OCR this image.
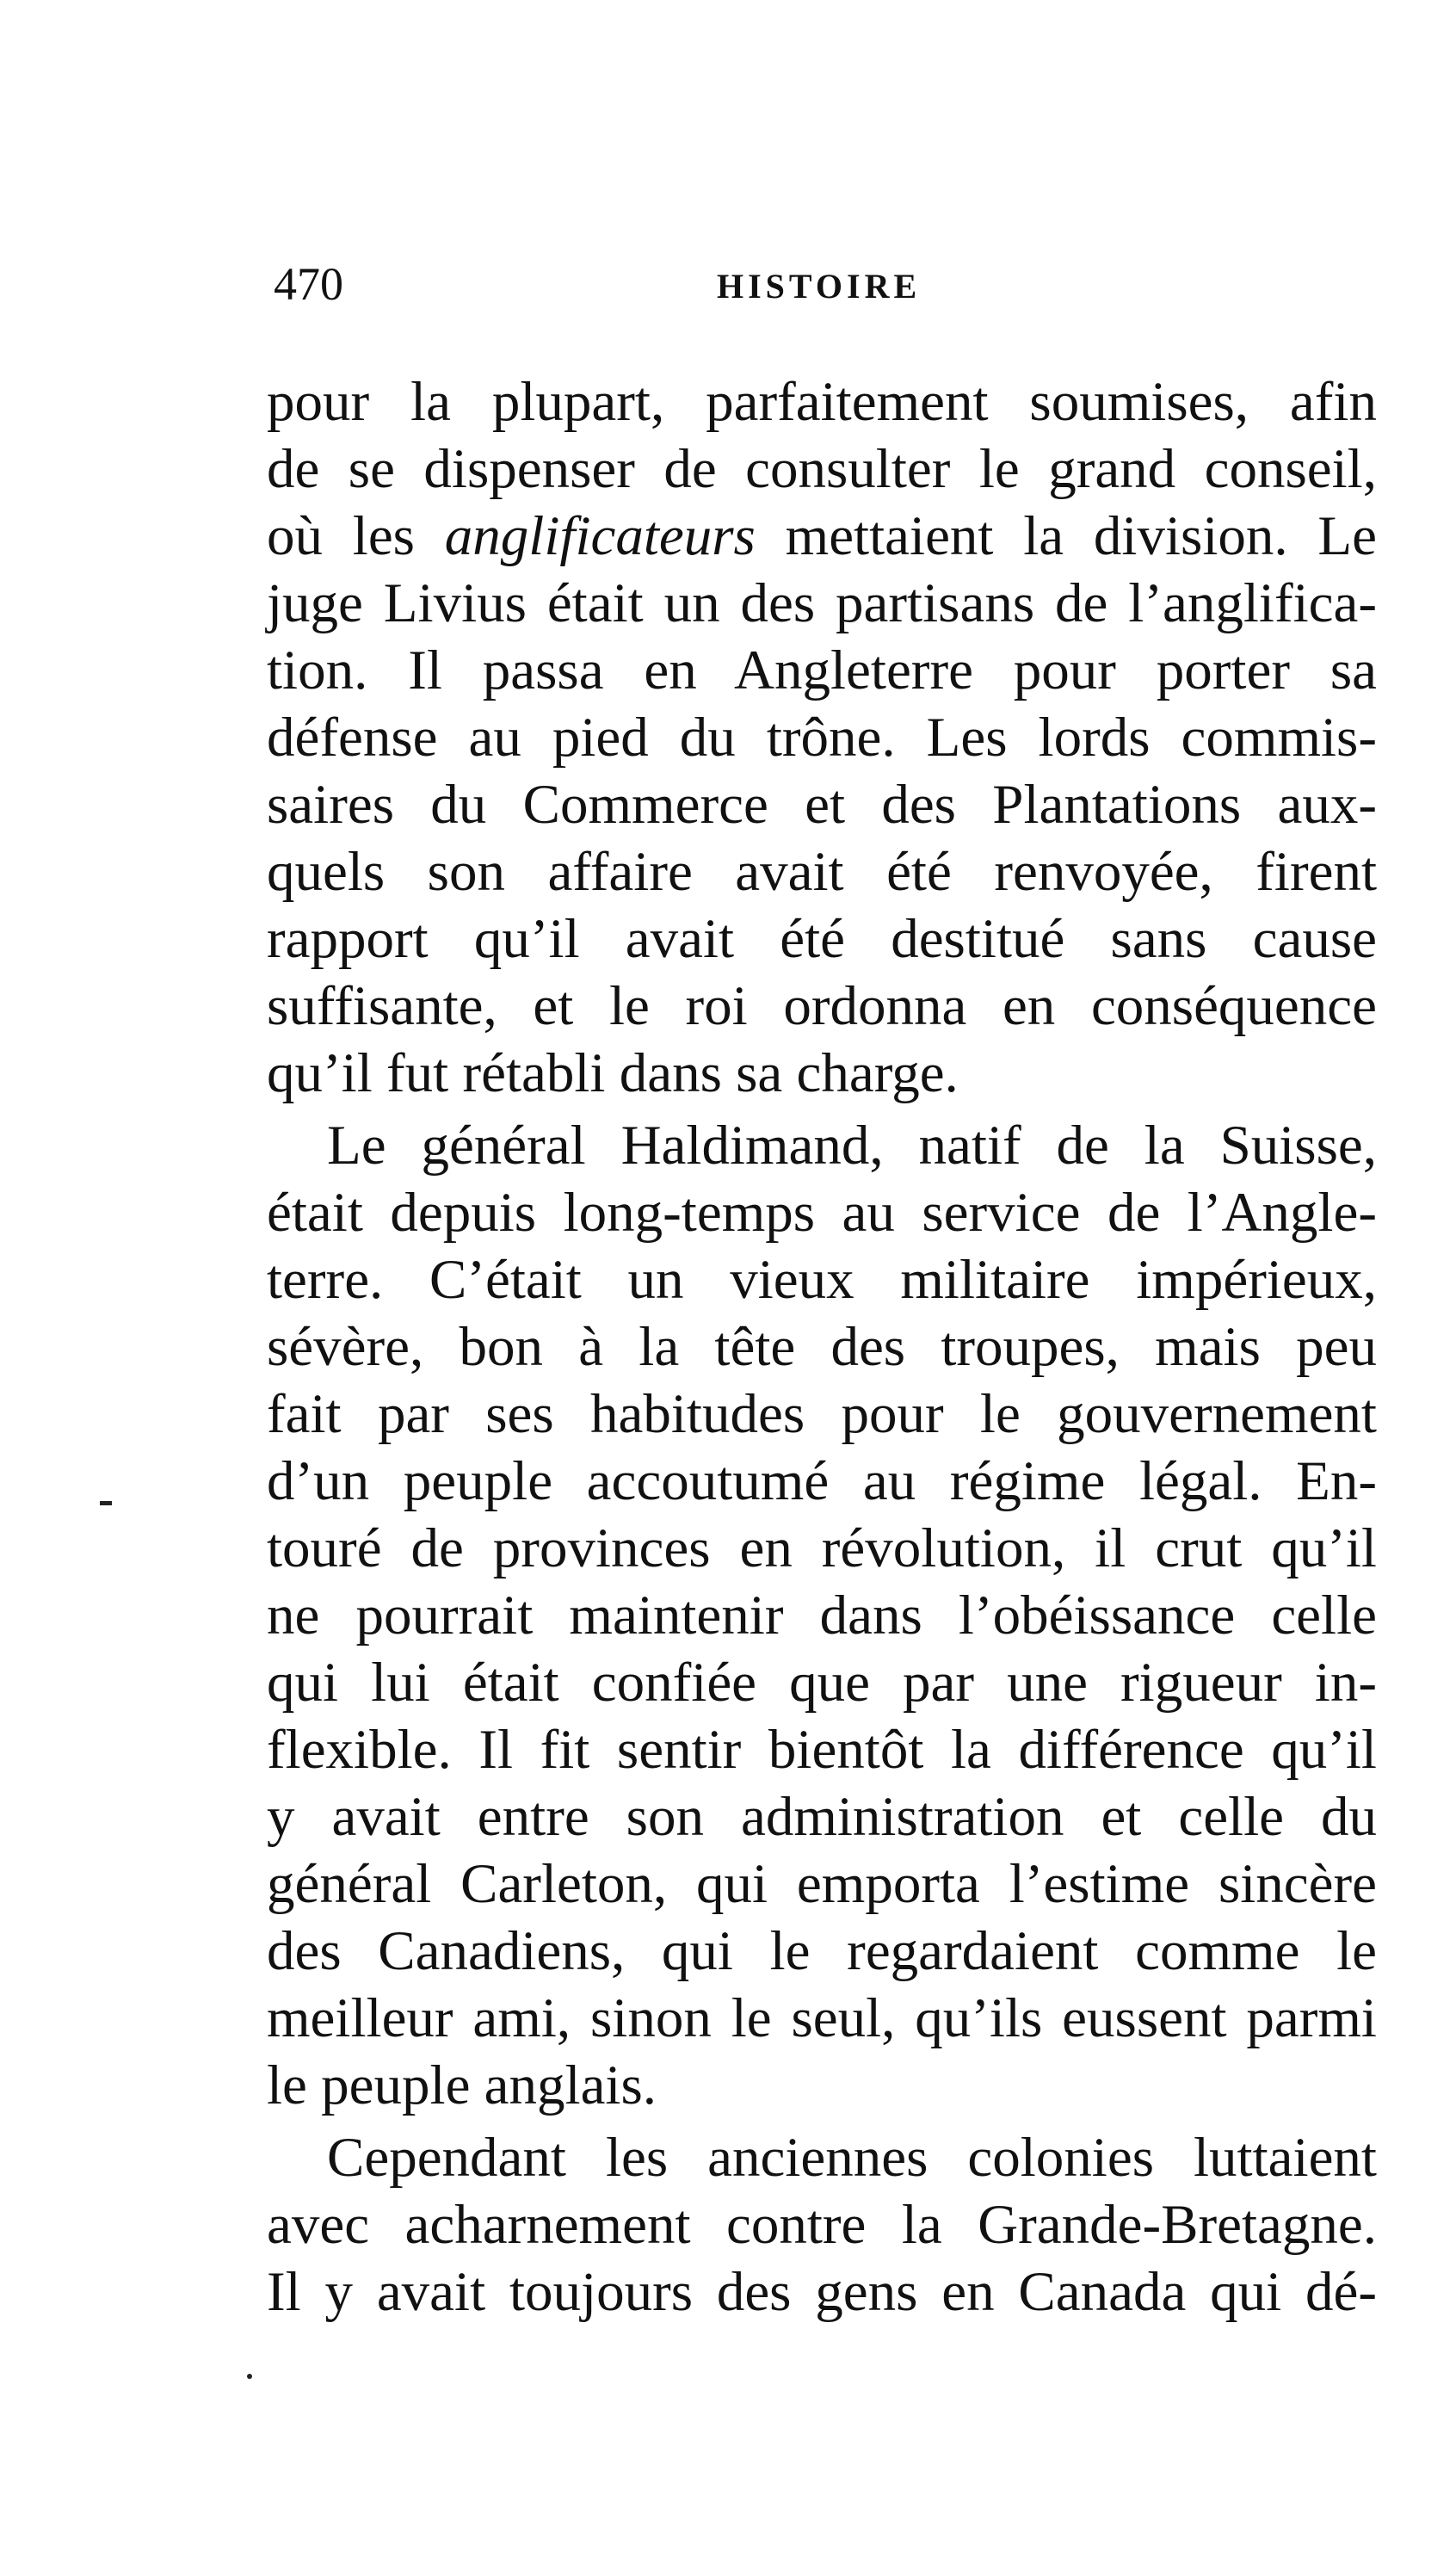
470	HISTOIRE
pour la plupart, parfaitement soumises, afin
de se dispenser de consulter le grand conseil,
où les anglificateurs mettaient la division. Le
juge Livius était un des partisans de l’anglifica-
tion. Il passa en Angleterre pour porter sa
défense au pied du trône. Les lords commis-
saires du Commerce et des Plantations aux-
quels son affaire avait été renvoyée, firent
rapport qu’il avait été destitué sans cause
suffisante, et le roi ordonna en conséquence
qu’il fut rétabli dans sa charge.
Le général Haldimand, natif de la Suisse,
était depuis long-temps au service de l’Angle-
terre. C’était un vieux militaire impérieux,
sévère, bon à la tête des troupes, mais peu
fait par ses habitudes pour le gouvernement
d’un peuple accoutumé au régime légal. En-
touré de provinces en révolution, il crut qu’il
ne pourrait maintenir dans l’obéissance celle
qui lui était confiée que par une rigueur in-
flexible. Il fit sentir bientôt la différence qu’il
y avait entre son administration et celle du
général Carleton, qui emporta l’estime sincère
des Canadiens, qui le regardaient comme le
meilleur ami, sinon le seul, qu’ils eussent parmi
le peuple anglais.
Cependant les anciennes colonies luttaient
avec acharnement contre la Grande-Bretagne.
Il y avait toujours des gens en Canada qui dé-
